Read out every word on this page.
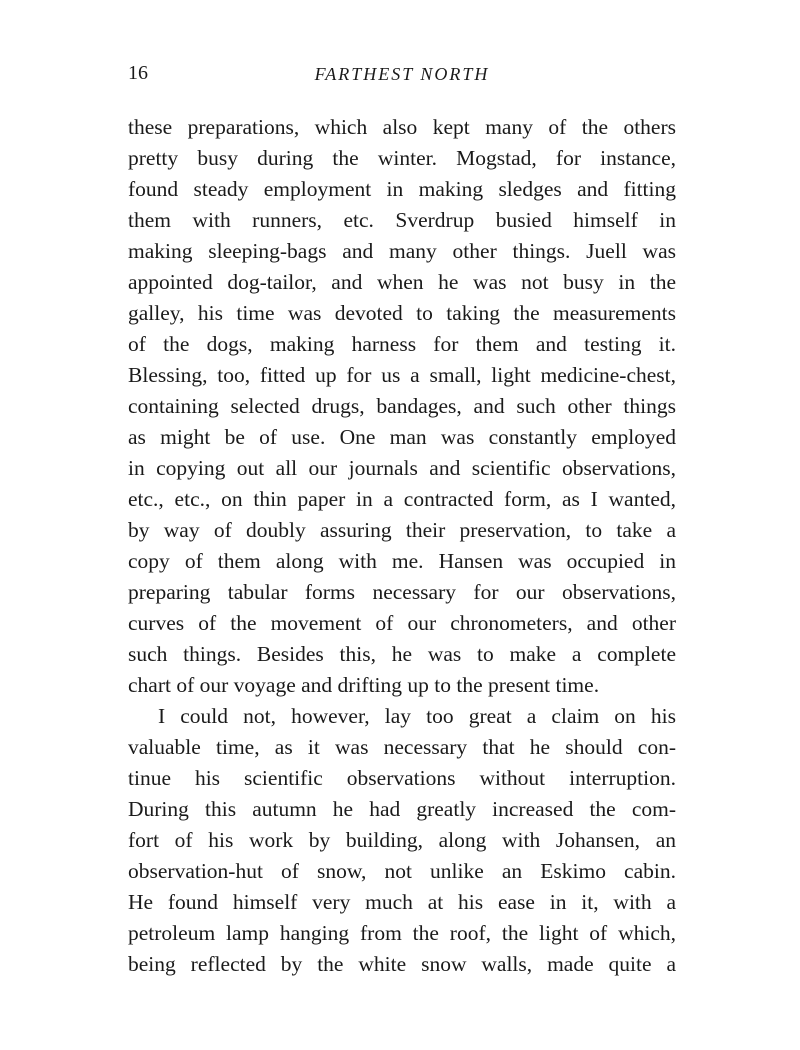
16	FARTHEST NORTH
these preparations, which also kept many of the others
pretty busy during the winter. Mogstad, for instance,
found steady employment in making sledges and fitting
them with runners, etc. Sverdrup busied himself in
making sleeping-bags and many other things. Juell was
appointed dog-tailor, and when he was not busy in the
galley, his time was devoted to taking the measurements
of the dogs, making harness for them and testing it.
Blessing, too, fitted up for us a small, light medicine-chest,
containing selected drugs, bandages, and such other things
as might be of use. One man was constantly employed
in copying out all our journals and scientific observations,
etc., etc., on thin paper in a contracted form, as I wanted,
by way of doubly assuring their preservation, to take a
copy of them along with me. Hansen was occupied in
preparing tabular forms necessary for our observations,
curves of the movement of our chronometers, and other
such things. Besides this, he was to make a complete
chart of our voyage and drifting up to the present time.
I could not, however, lay too great a claim on his
valuable time, as it was necessary that he should con-
tinue his scientific observations without interruption.
During this autumn he had greatly increased the com-
fort of his work by building, along with Johansen, an
observation-hut of snow, not unlike an Eskimo cabin.
He found himself very much at his ease in it, with a
petroleum lamp hanging from the roof, the light of which,
being reflected by the white snow walls, made quite a
